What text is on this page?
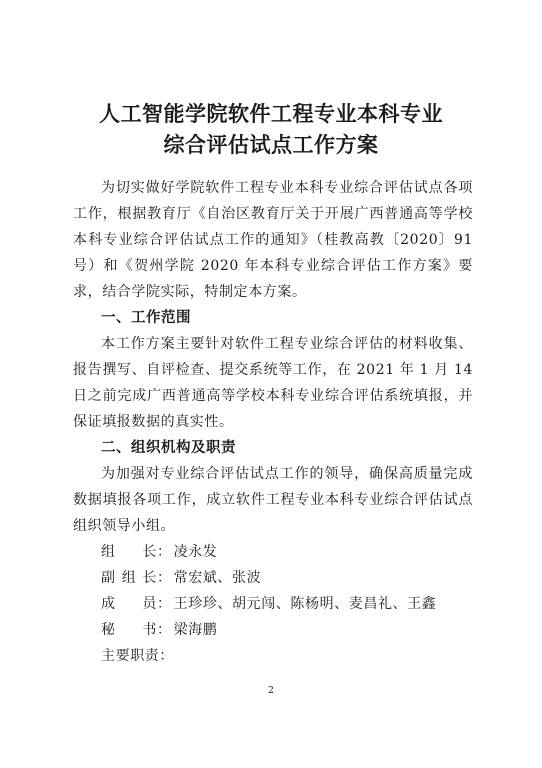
人工智能学院软件工程专业本科专业
综合评估试点工作方案
为切实做好学院软件工程专业本科专业综合评估试点各项工作，根据教育厅《自治区教育厅关于开展广西普通高等学校本科专业综合评估试点工作的通知》（桂教高教〔2020〕91号）和《贺州学院 2020 年本科专业综合评估工作方案》要求，结合学院实际，特制定本方案。
一、工作范围
本工作方案主要针对软件工程专业综合评估的材料收集、报告撰写、自评检查、提交系统等工作，在 2021 年 1 月 14 日之前完成广西普通高等学校本科专业综合评估系统填报，并保证填报数据的真实性。
二、组织机构及职责
为加强对专业综合评估试点工作的领导，确保高质量完成数据填报各项工作，成立软件工程专业本科专业综合评估试点组织领导小组。
组长： 凌永发
副组长： 常宏斌、张波
成员： 王珍珍、胡元闯、陈杨明、麦昌礼、王鑫
秘书： 梁海鹏
主要职责：
2
